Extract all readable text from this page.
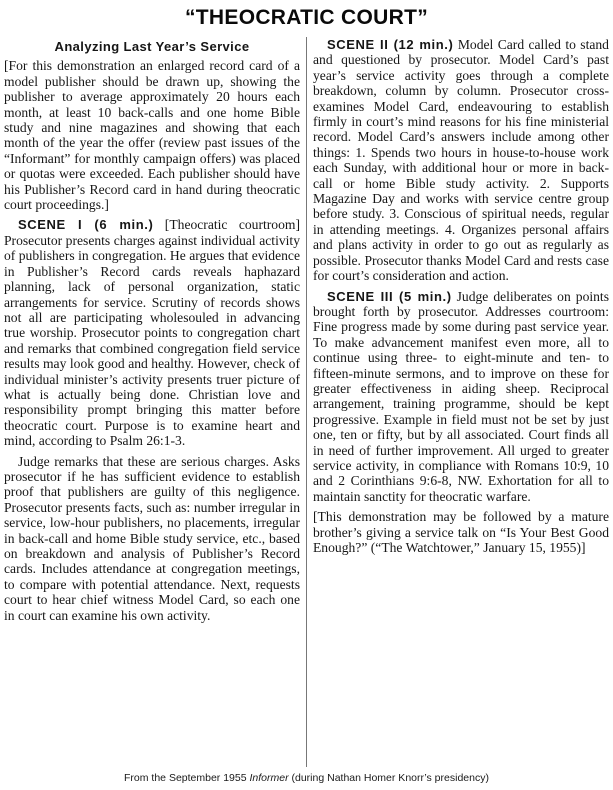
“THEOCRATIC COURT”
Analyzing Last Year’s Service

[For this demonstration an enlarged record card of a model publisher should be drawn up, showing the publisher to average approximately 20 hours each month, at least 10 back-calls and one home Bible study and nine magazines and showing that each month of the year the offer (review past issues of the “Informant” for monthly campaign offers) was placed or quotas were exceeded. Each publisher should have his Publisher’s Record card in hand during theocratic court proceedings.]

SCENE I (6 min.) [Theocratic courtroom] Prosecutor presents charges against individual activity of publishers in congregation. He argues that evidence in Publisher’s Record cards reveals haphazard planning, lack of personal organization, static arrangements for service. Scrutiny of records shows not all are participating wholesouled in advancing true worship. Prosecutor points to congregation chart and remarks that combined congregation field service results may look good and healthy. However, check of individual minister’s activity presents truer picture of what is actually being done. Christian love and responsibility prompt bringing this matter before theocratic court. Purpose is to examine heart and mind, according to Psalm 26:1-3.

Judge remarks that these are serious charges. Asks prosecutor if he has sufficient evidence to establish proof that publishers are guilty of this negligence. Prosecutor presents facts, such as: number irregular in service, low-hour publishers, no placements, irregular in back-call and home Bible study service, etc., based on breakdown and analysis of Publisher’s Record cards. Includes attendance at congregation meetings, to compare with potential attendance. Next, requests court to hear chief witness Model Card, so each one in court can examine his own activity.

SCENE II (12 min.) Model Card called to stand and questioned by prosecutor. Model Card’s past year’s service activity goes through a complete breakdown, column by column. Prosecutor cross-examines Model Card, endeavouring to establish firmly in court’s mind reasons for his fine ministerial record. Model Card’s answers include among other things: 1. Spends two hours in house-to-house work each Sunday, with additional hour or more in back-call or home Bible study activity. 2. Supports Magazine Day and works with service centre group before study. 3. Conscious of spiritual needs, regular in attending meetings. 4. Organizes personal affairs and plans activity in order to go out as regularly as possible. Prosecutor thanks Model Card and rests case for court’s consideration and action.

SCENE III (5 min.) Judge deliberates on points brought forth by prosecutor. Addresses courtroom: Fine progress made by some during past service year. To make advancement manifest even more, all to continue using three- to eight-minute and ten- to fifteen-minute sermons, and to improve on these for greater effectiveness in aiding sheep. Reciprocal arrangement, training programme, should be kept progressive. Example in field must not be set by just one, ten or fifty, but by all associated. Court finds all in need of further improvement. All urged to greater service activity, in compliance with Romans 10:9, 10 and 2 Corinthians 9:6-8, NW. Exhortation for all to maintain sanctity for theocratic warfare.

[This demonstration may be followed by a mature brother’s giving a service talk on “Is Your Best Good Enough?” (“The Watchtower,” January 15, 1955)]

From the September 1955 Informer (during Nathan Homer Knorr’s presidency)
